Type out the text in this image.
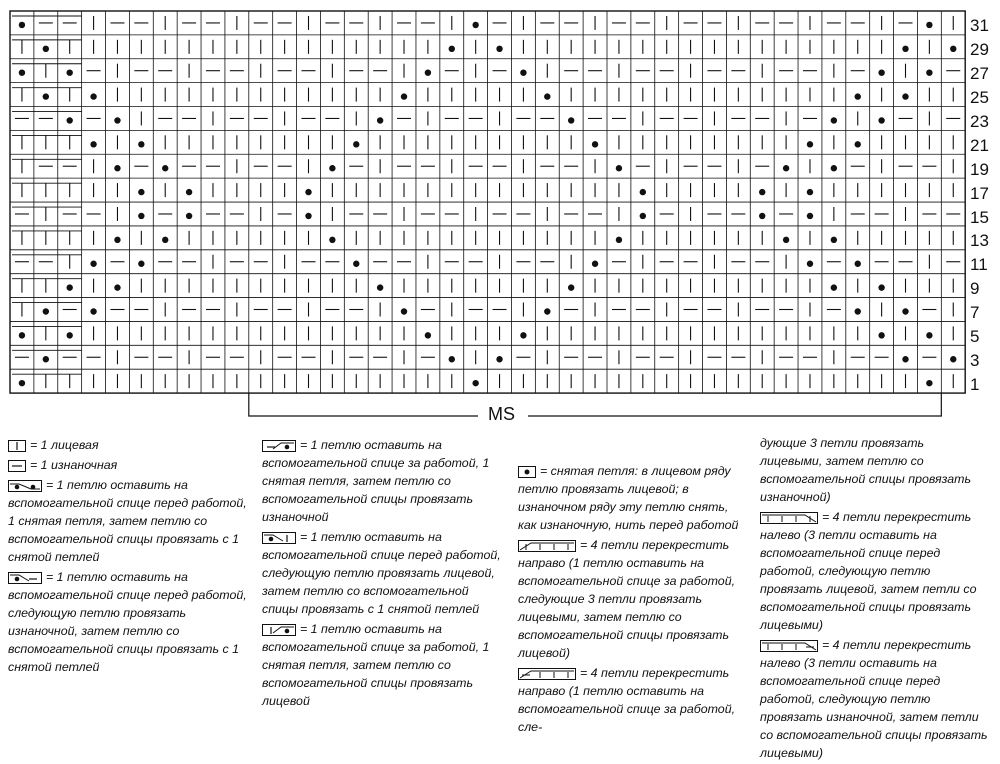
31
29
27
25
23
21
19
17
15
13
11
9
7
5
3
1
MS
= 1 лицевая
= 1 изнаночная
= 1 петлю оставить на вспомогательной спице перед работой, 1 снятая петля, затем петлю со вспомогательной спицы провязать с 1 снятой петлей
= 1 петлю оставить на вспомогательной спице перед работой, следующую петлю провязать изнаночной, затем петлю со вспомогательной спицы провязать с 1 снятой петлей
= 1 петлю оставить на вспомогательной спице за работой, 1 снятая петля, затем петлю со вспомогательной спицы провязать изнаночной
= 1 петлю оставить на вспомогательной спице перед работой, следующую петлю провязать лицевой, затем петлю со вспомогательной спицы провязать с 1 снятой петлей
= 1 петлю оставить на вспомогательной спице за работой, 1 снятая петля, затем петлю со вспомогательной спицы провязать лицевой
= снятая петля: в лицевом ряду петлю провязать лицевой; в изнаночном ряду эту петлю снять, как изнаночную, нить перед работой
= 4 петли перекрестить направо (1 петлю оставить на вспомогательной спице за работой, следующие 3 петли провязать лицевыми, затем петлю со вспомогательной спицы провязать лицевой)
= 4 петли перекрестить направо (1 петлю оставить на вспомогательной спице за работой, сле-
дующие 3 петли провязать лицевыми, затем петлю со вспомогательной спицы провязать изнаночной)
= 4 петли перекрестить налево (3 петли оставить на вспомогательной спице перед работой, следующую петлю провязать лицевой, затем петли со вспомогательной спицы провязать лицевыми)
= 4 петли перекрестить налево (3 петли оставить на вспомогательной спице перед работой, следующую петлю провязать изнаночной, затем петли со вспомогательной спицы провязать лицевыми)
